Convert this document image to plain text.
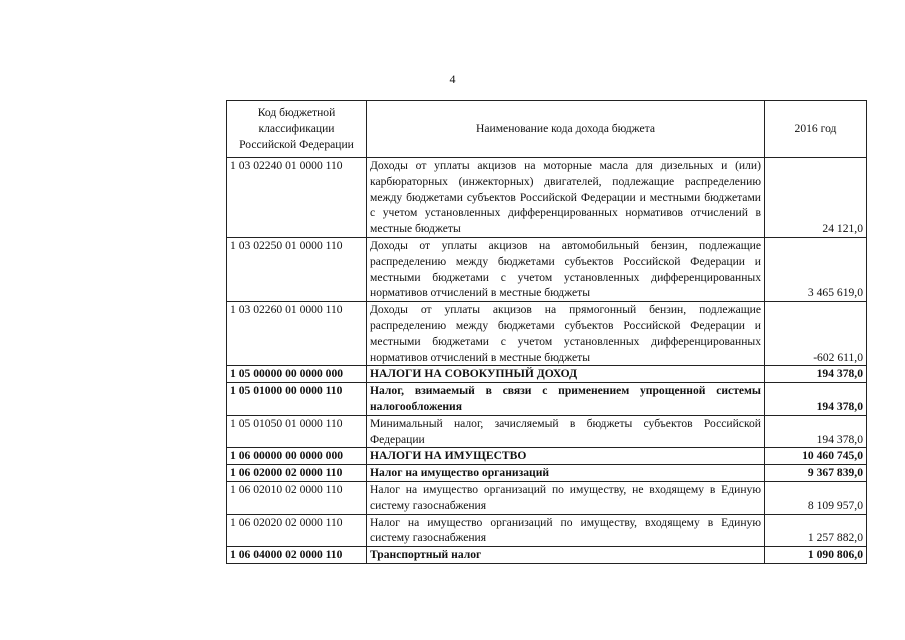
4
Код бюджетной классификации Российской Федерации	Наименование кода дохода бюджета	2016 год
1 03 02240 01 0000 110	Доходы от уплаты акцизов на моторные масла для дизельных и (или) карбюраторных (инжекторных) двигателей, подлежащие распределению между бюджетами субъектов Российской Федерации и местными бюджетами с учетом установленных дифференцированных нормативов отчислений в местные бюджеты	24 121,0
1 03 02250 01 0000 110	Доходы от уплаты акцизов на автомобильный бензин, подлежащие распределению между бюджетами субъектов Российской Федерации и местными бюджетами с учетом установленных дифференцированных нормативов отчислений в местные бюджеты	3 465 619,0
1 03 02260 01 0000 110	Доходы от уплаты акцизов на прямогонный бензин, подлежащие распределению между бюджетами субъектов Российской Федерации и местными бюджетами с учетом установленных дифференцированных нормативов отчислений в местные бюджеты	-602 611,0
1 05 00000 00 0000 000	НАЛОГИ НА СОВОКУПНЫЙ ДОХОД	194 378,0
1 05 01000 00 0000 110	Налог, взимаемый в связи с применением упрощенной системы налогообложения	194 378,0
1 05 01050 01 0000 110	Минимальный налог, зачисляемый в бюджеты субъектов Российской Федерации	194 378,0
1 06 00000 00 0000 000	НАЛОГИ НА ИМУЩЕСТВО	10 460 745,0
1 06 02000 02 0000 110	Налог на имущество организаций	9 367 839,0
1 06 02010 02 0000 110	Налог на имущество организаций по имуществу, не входящему в Единую систему газоснабжения	8 109 957,0
1 06 02020 02 0000 110	Налог на имущество организаций по имуществу, входящему в Единую систему газоснабжения	1 257 882,0
1 06 04000 02 0000 110	Транспортный налог	1 090 806,0
